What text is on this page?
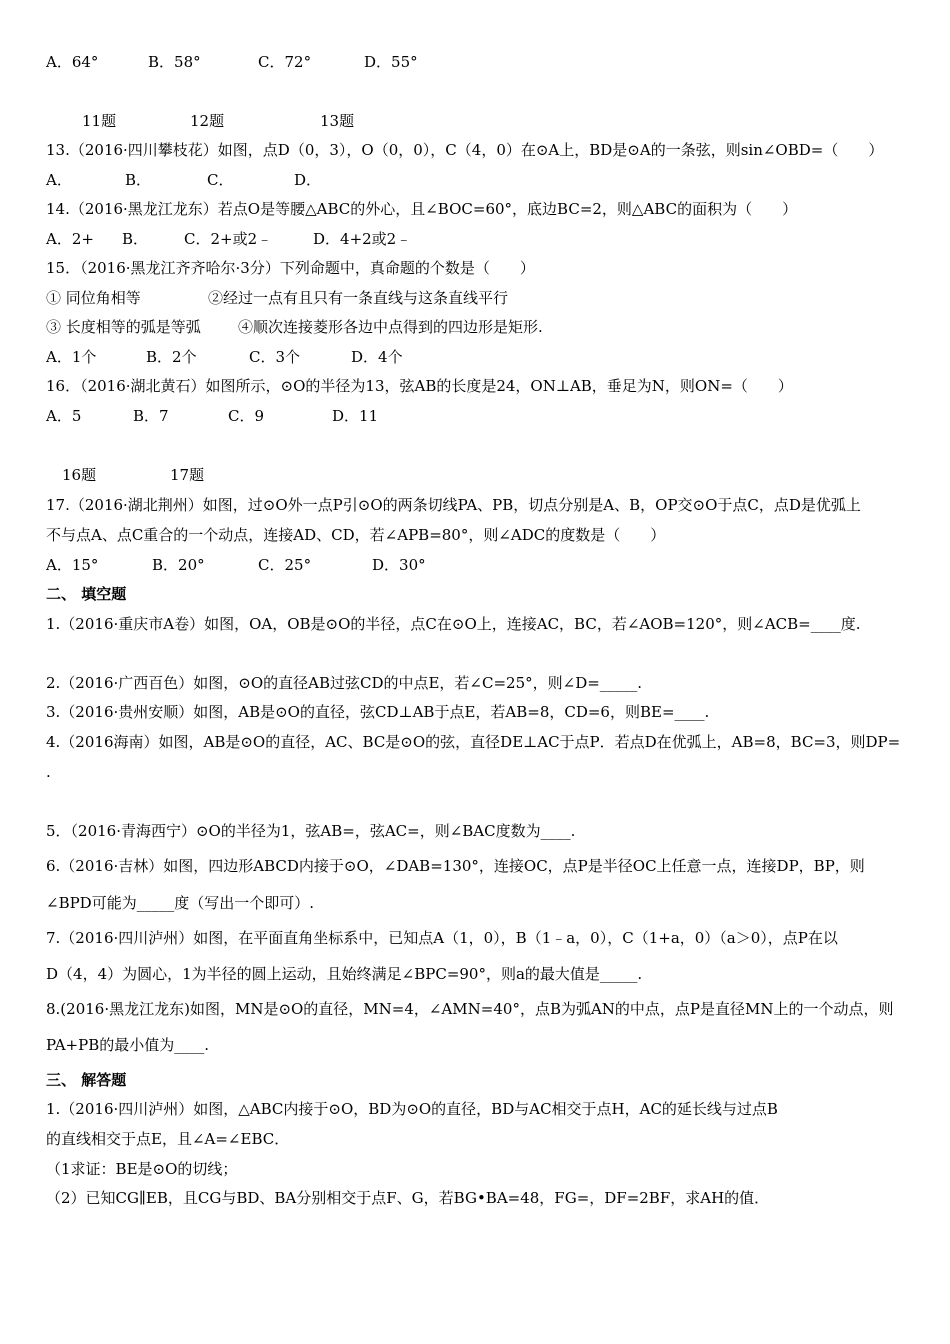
A．64°	B．58°	C．72°	D．55°
11题	12题	13题
13.（2016·四川攀枝花）如图，点D（0，3），O（0，0），C（4，0）在⊙A上，BD是⊙A的一条弦，则sin∠OBD=（　　）
A．	B．	C．	D．
14.（2016·黑龙江龙东）若点O是等腰△ABC的外心，且∠BOC=60°，底边BC=2，则△ABC的面积为（　　）
A．2+ B． C．2+或2﹣	D．4+2或2﹣
15．（2016·黑龙江齐齐哈尔·3分）下列命题中，真命题的个数是（　　）
① 同位角相等	②经过一点有且只有一条直线与这条直线平行
③ 长度相等的弧是等弧 ④顺次连接菱形各边中点得到的四边形是矩形.
A．1个	B．2个	C．3个	D．4个
16．（2016·湖北黄石）如图所示，⊙O的半径为13，弦AB的长度是24，ON⊥AB，垂足为N，则ON=（　　）
A．5	B．7	C．9	D．11
16题	17题
17.（2016·湖北荆州）如图，过⊙O外一点P引⊙O的两条切线PA、PB，切点分别是A、B，OP交⊙O于点C，点D是优弧上
不与点A、点C重合的一个动点，连接AD、CD，若∠APB=80°，则∠ADC的度数是（　　）
A．15°	B．20°	C．25°	D．30°
二、 填空题
1.（2016·重庆市A卷）如图，OA，OB是⊙O的半径，点C在⊙O上，连接AC，BC，若∠AOB=120°，则∠ACB=____度.
2.（2016·广西百色）如图，⊙O的直径AB过弦CD的中点E，若∠C=25°，则∠D=_____.
3.（2016·贵州安顺）如图，AB是⊙O的直径，弦CD⊥AB于点E，若AB=8，CD=6，则BE=____.
4.（2016海南）如图，AB是⊙O的直径，AC、BC是⊙O的弦，直径DE⊥AC于点P．若点D在优弧上，AB=8，BC=3，则DP=
.
5．（2016·青海西宁）⊙O的半径为1，弦AB=，弦AC=，则∠BAC度数为____.
6.（2016·吉林）如图，四边形ABCD内接于⊙O，∠DAB=130°，连接OC，点P是半径OC上任意一点，连接DP，BP，则
∠BPD可能为_____度（写出一个即可）.
7.（2016·四川泸州）如图，在平面直角坐标系中，已知点A（1，0），B（1﹣a，0），C（1+a，0）（a＞0），点P在以
D（4，4）为圆心，1为半径的圆上运动，且始终满足∠BPC=90°，则a的最大值是_____.
8.(2016·黑龙江龙东)如图，MN是⊙O的直径，MN=4，∠AMN=40°，点B为弧AN的中点，点P是直径MN上的一个动点，则
PA+PB的最小值为____.
三、 解答题
1.（2016·四川泸州）如图，△ABC内接于⊙O，BD为⊙O的直径，BD与AC相交于点H，AC的延长线与过点B
的直线相交于点E，且∠A=∠EBC．
（1求证：BE是⊙O的切线；
（2）已知CG∥EB，且CG与BD、BA分别相交于点F、G，若BG•BA=48，FG=，DF=2BF，求AH的值．
